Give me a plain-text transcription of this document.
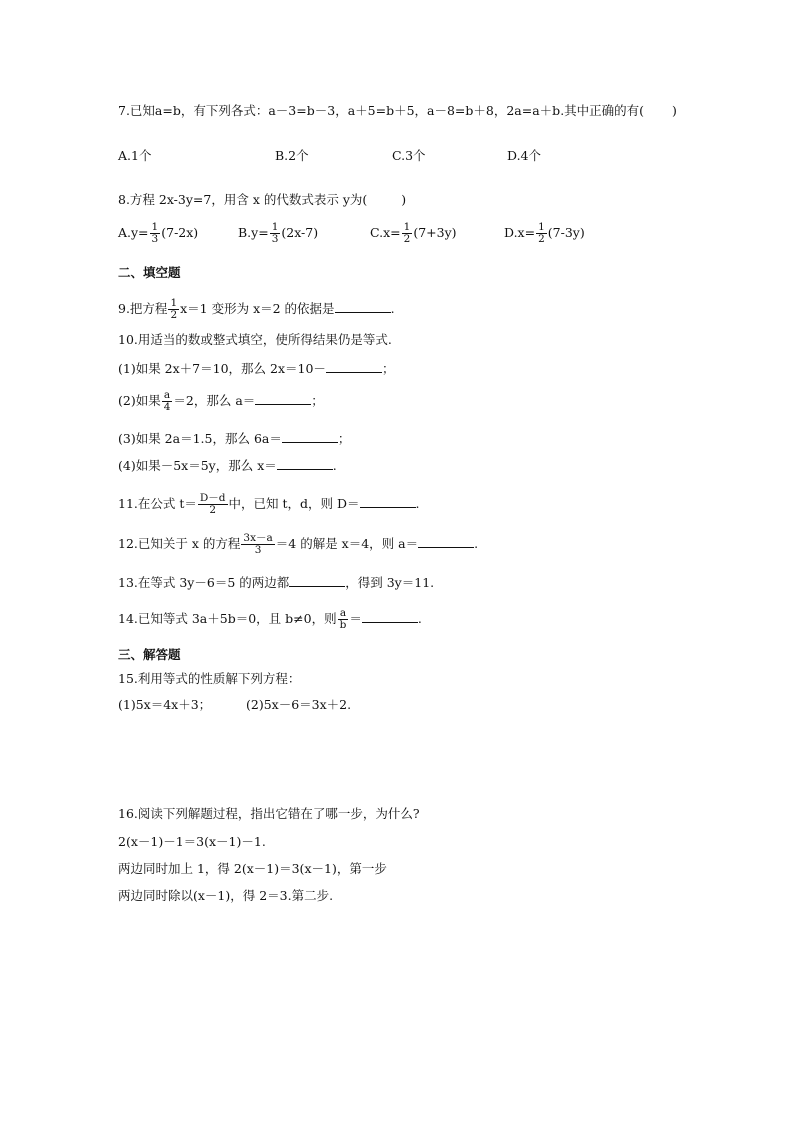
7.已知a=b，有下列各式：a－3=b－3，a＋5=b＋5，a－8=b＋8，2a=a＋b.其中正确的有( )
A.1个	B.2个	C.3个	D.4个
8.方程 2x-3y=7，用含 x 的代数式表示 y为(	)
$A.y= \frac{1}{3} (7-2x)$	$B.y= \frac{1}{3} (2x-7)$	$C.x= \frac{1}{2} (7+3y)$	$D.x= \frac{1}{2} (7-3y)$
二、填空题
9.把方程 $\frac{1}{2} x=1$ 变形为 x＝2 的依据是	.
10.用适当的数或整式填空，使所得结果仍是等式.
(1)如果 2x＋7＝10，那么 2x＝10－	；
(2)如果 $\frac{a}{4} =2$，那么 a＝	；
(3)如果 2a＝1.5，那么 6a＝	；
(4)如果－5x＝5y，那么 x＝	.
11.在公式 $t= \frac{D-d}{2}$ 中，已知 t，d，则 D＝	.
12.已知关于 x 的方程 $\frac{3x-a}{3} =4$ 的解是 x＝4，则 a＝	.
13.在等式 3y－6＝5 的两边都	，得到 3y＝11.
14.已知等式 3a＋5b＝0，且 b≠0，则 $\frac{a}{b}$ ＝	.
三、解答题
15.利用等式的性质解下列方程：
(1)5x＝4x＋3；	(2)5x－6＝3x＋2.
16.阅读下列解题过程，指出它错在了哪一步，为什么?
2(x－1)－1＝3(x－1)－1.
两边同时加上 1，得 2(x－1)＝3(x－1)，第一步
两边同时除以(x－1)，得 2＝3.第二步.
